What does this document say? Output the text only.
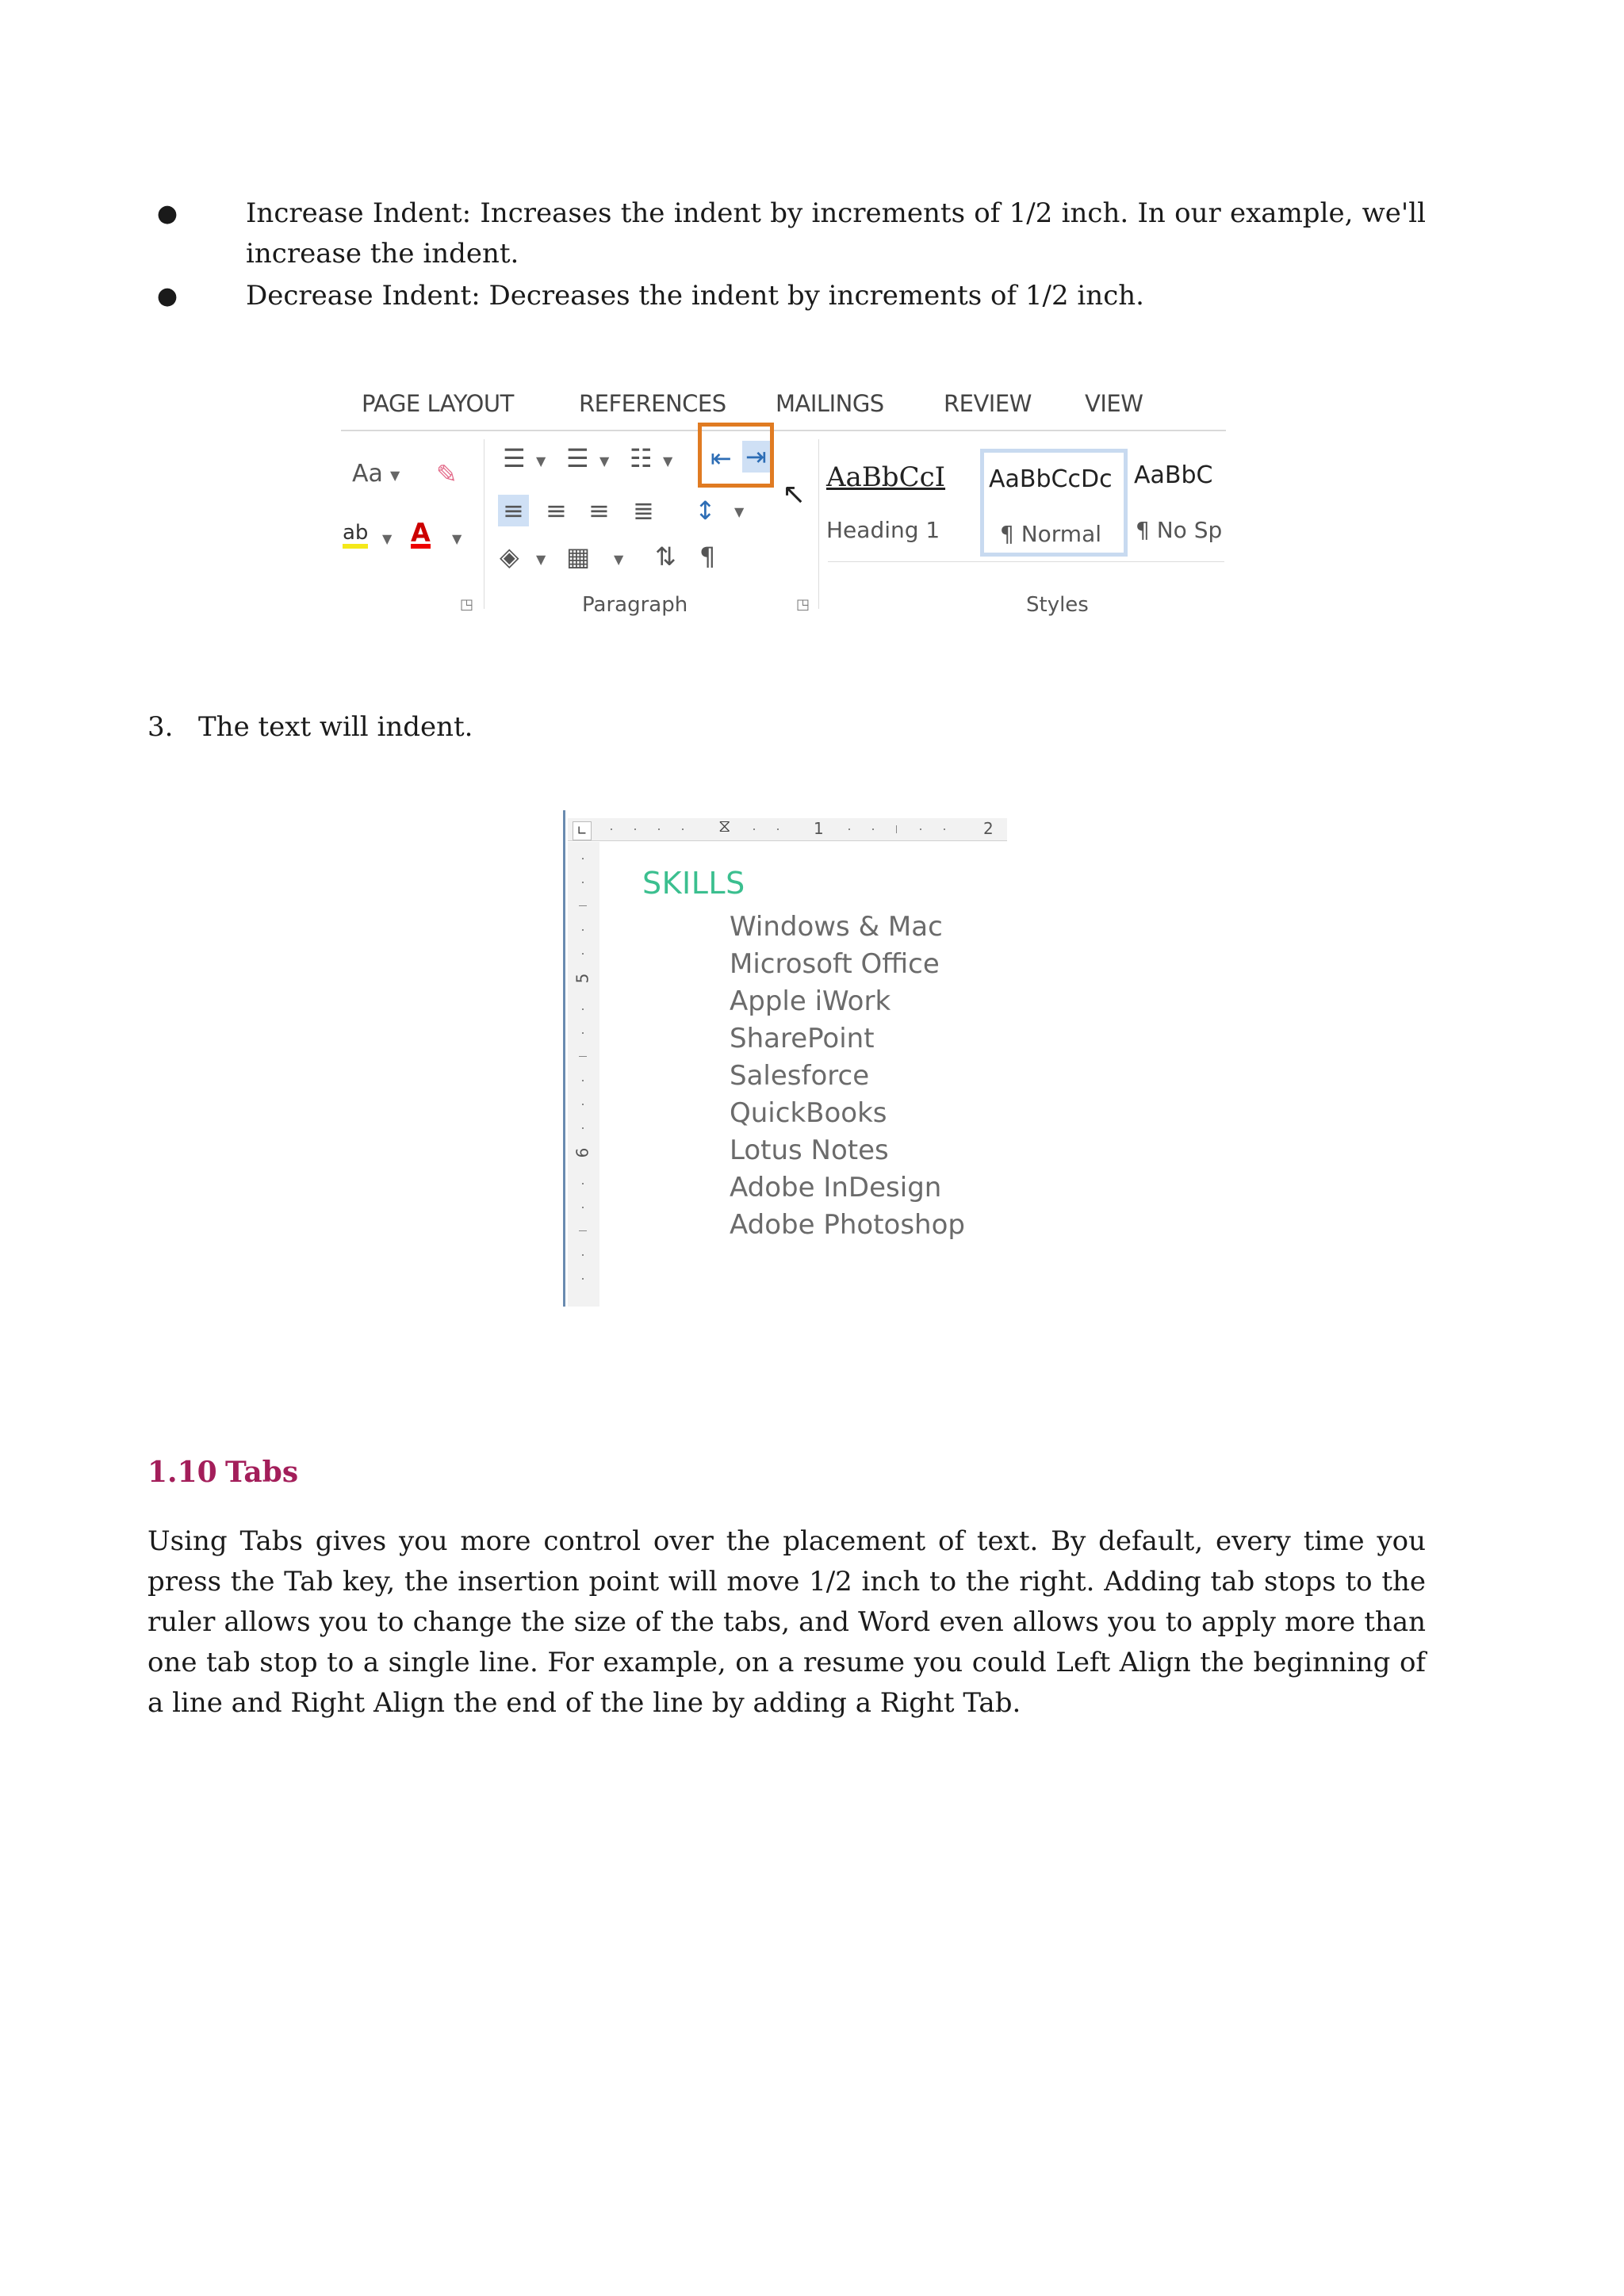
●	Increase Indent: Increases the indent by increments of 1/2 inch. In our example, we'll increase the indent.
●	Decrease Indent: Decreases the indent by increments of 1/2 inch.
PAGE LAYOUT	REFERENCES MAILINGS	REVIEW VIEW
Aa ▼ ✎
ab ▼ A ▼
◳
☰ ▼ ☰ ▼ ☷ ▼ ⇤ ⇥
↖
≡ ≡ ≡ ≣ ↕ ▼
◈ ▼ ▦ ▼ ⇅ ¶
Paragraph	◳
AaBbCcI
Heading 1
AaBbCcDc
¶ Normal
AaBbC
¶ No Sp
Styles
3. The text will indent.
⧖	1	2
∟
5
6
SKILLS
Windows & Mac
Microsoft Office
Apple iWork
SharePoint
Salesforce
QuickBooks
Lotus Notes
Adobe InDesign
Adobe Photoshop
1.10 Tabs

Using Tabs gives you more control over the placement of text. By default, every time you press the Tab key, the insertion point will move 1/2 inch to the right. Adding tab stops to the ruler allows you to change the size of the tabs, and Word even allows you to apply more than one tab stop to a single line. For example, on a resume you could Left Align the beginning of a line and Right Align the end of the line by adding a Right Tab.
